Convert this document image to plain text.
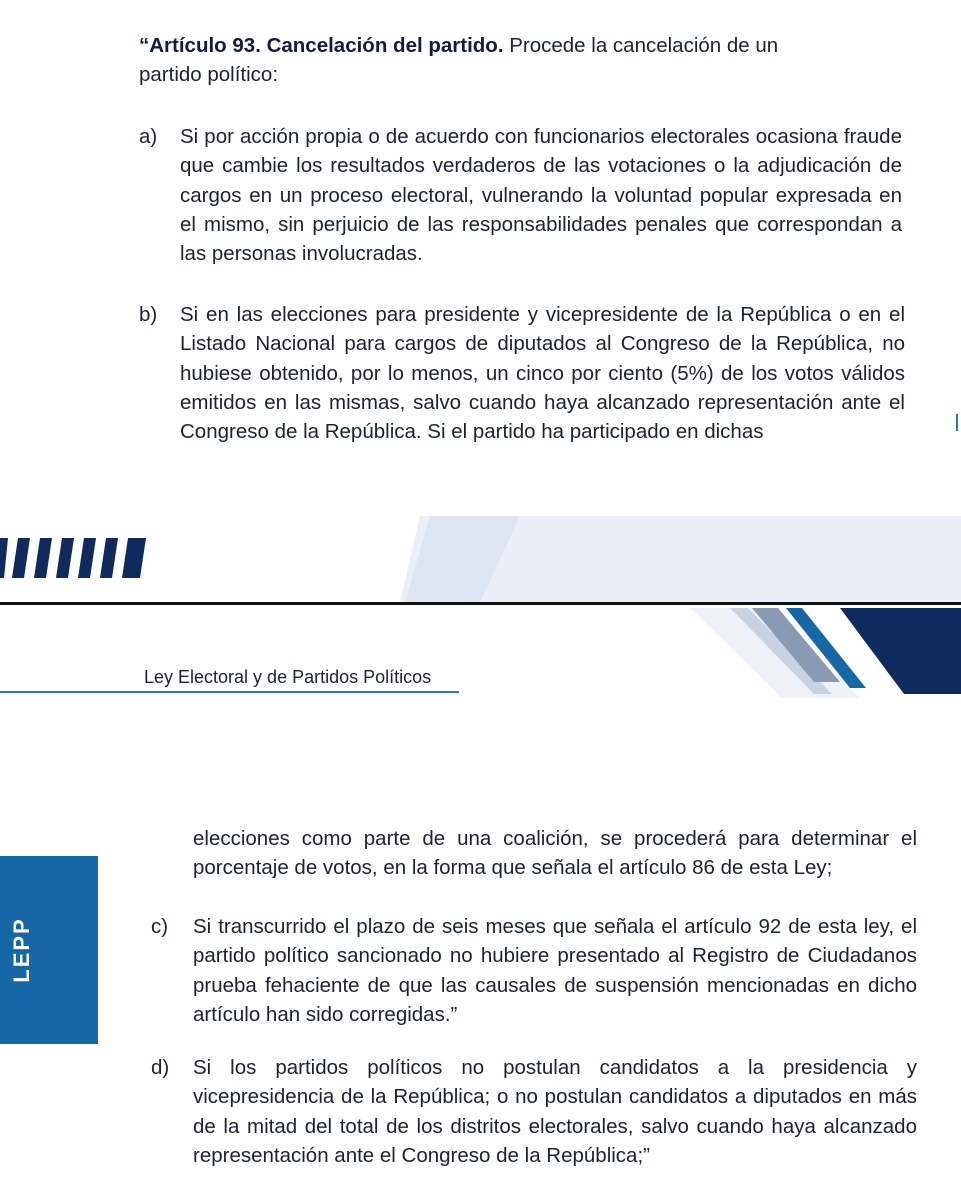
“Artículo 93. Cancelación del partido. Procede la cancelación de un
partido político:

a) Si por acción propia o de acuerdo con funcionarios electorales ocasiona fraude que cambie los resultados verdaderos de las votaciones o la adjudicación de cargos en un proceso electoral, vulnerando la voluntad popular expresada en el mismo, sin perjuicio de las responsabilidades penales que correspondan a las personas involucradas.

b) Si en las elecciones para presidente y vicepresidente de la República o en el Listado Nacional para cargos de diputados al Congreso de la República, no hubiese obtenido, por lo menos, un cinco por ciento (5%) de los votos válidos emitidos en las mismas, salvo cuando haya alcanzado representación ante el Congreso de la República. Si el partido ha participado en dichas

Ley Electoral y de Partidos Políticos
LEPP

elecciones como parte de una coalición, se procederá para determinar el porcentaje de votos, en la forma que señala el artículo 86 de esta Ley;

c) Si transcurrido el plazo de seis meses que señala el artículo 92 de esta ley, el partido político sancionado no hubiere presentado al Registro de Ciudadanos prueba fehaciente de que las causales de suspensión mencionadas en dicho artículo han sido corregidas.”

d) Si los partidos políticos no postulan candidatos a la presidencia y vicepresidencia de la República; o no postulan candidatos a diputados en más de la mitad del total de los distritos electorales, salvo cuando haya alcanzado representación ante el Congreso de la República;”
